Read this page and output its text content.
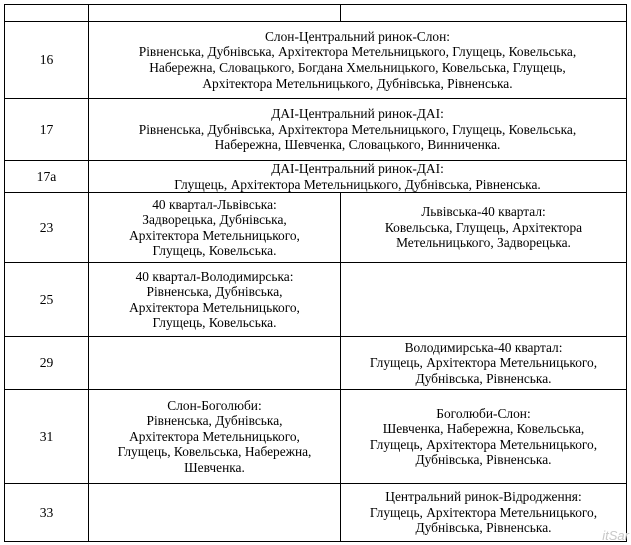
16	Слон-Центральний ринок-Слон:
Рівненська, Дубнівська, Архітектора Метельницького, Глущець, Ковельська,
Набережна, Словацького, Богдана Хмельницького, Ковельська, Глущець,
Архітектора Метельницького, Дубнівська, Рівненська.	

17	ДАІ-Центральний ринок-ДАІ:
Рівненська, Дубнівська, Архітектора Метельницького, Глущець, Ковельська,
Набережна, Шевченка, Словацького, Винниченка.	

17а	ДАІ-Центральний ринок-ДАІ:
Глущець, Архітектора Метельницького, Дубнівська, Рівненська.	

23	40 квартал-Львівська:
Задворецька, Дубнівська,
Архітектора Метельницького,
Глущець, Ковельська.	Львівська-40 квартал:
Ковельська, Глущець, Архітектора
Метельницького, Задворецька.

25	40 квартал-Володимирська:
Рівненська, Дубнівська,
Архітектора Метельницького,
Глущець, Ковельська.	

29		Володимирська-40 квартал:
Глущець, Архітектора Метельницького,
Дубнівська, Рівненська.

31	Слон-Боголюби:
Рівненська, Дубнівська,
Архітектора Метельницького,
Глущець, Ковельська, Набережна,
Шевченка.	Боголюби-Слон:
Шевченка, Набережна, Ковельська,
Глущець, Архітектора Метельницького,
Дубнівська, Рівненська.

33		Центральний ринок-Відродження:
Глущець, Архітектора Метельницького,
Дубнівська, Рівненська.
itSar
